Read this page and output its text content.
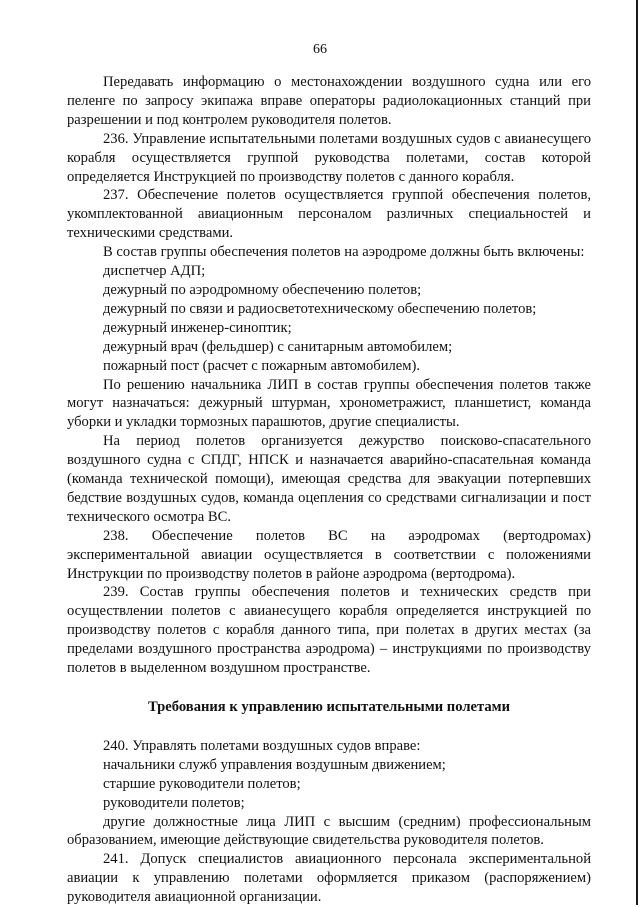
66

Передавать информацию о местонахождении воздушного судна или его пеленге по запросу экипажа вправе операторы радиолокационных станций при разрешении и под контролем руководителя полетов.

236. Управление испытательными полетами воздушных судов с авианесущего корабля осуществляется группой руководства полетами, состав которой определяется Инструкцией по производству полетов с данного корабля.

237. Обеспечение полетов осуществляется группой обеспечения полетов, укомплектованной авиационным персоналом различных специальностей и техническими средствами.

В состав группы обеспечения полетов на аэродроме должны быть включены:

диспетчер АДП;

дежурный по аэродромному обеспечению полетов;

дежурный по связи и радиосветотехническому обеспечению полетов;

дежурный инженер-синоптик;

дежурный врач (фельдшер) с санитарным автомобилем;

пожарный пост (расчет с пожарным автомобилем).

По решению начальника ЛИП в состав группы обеспечения полетов также могут назначаться: дежурный штурман, хронометражист, планшетист, команда уборки и укладки тормозных парашютов, другие специалисты.

На период полетов организуется дежурство поисково-спасательного воздушного судна с СПДГ, НПСК и назначается аварийно-спасательная команда (команда технической помощи), имеющая средства для эвакуации потерпевших бедствие воздушных судов, команда оцепления со средствами сигнализации и пост технического осмотра ВС.

238. Обеспечение полетов ВС на аэродромах (вертодромах) экспериментальной авиации осуществляется в соответствии с положениями Инструкции по производству полетов в районе аэродрома (вертодрома).

239. Состав группы обеспечения полетов и технических средств при осуществлении полетов с авианесущего корабля определяется инструкцией по производству полетов с корабля данного типа, при полетах в других местах (за пределами воздушного пространства аэродрома) – инструкциями по производству полетов в выделенном воздушном пространстве.

Требования к управлению испытательными полетами

240. Управлять полетами воздушных судов вправе:

начальники служб управления воздушным движением;

старшие руководители полетов;

руководители полетов;

другие должностные лица ЛИП с высшим (средним) профессиональным образованием, имеющие действующие свидетельства руководителя полетов.

241. Допуск специалистов авиационного персонала экспериментальной авиации к управлению полетами оформляется приказом (распоряжением) руководителя авиационной организации.
